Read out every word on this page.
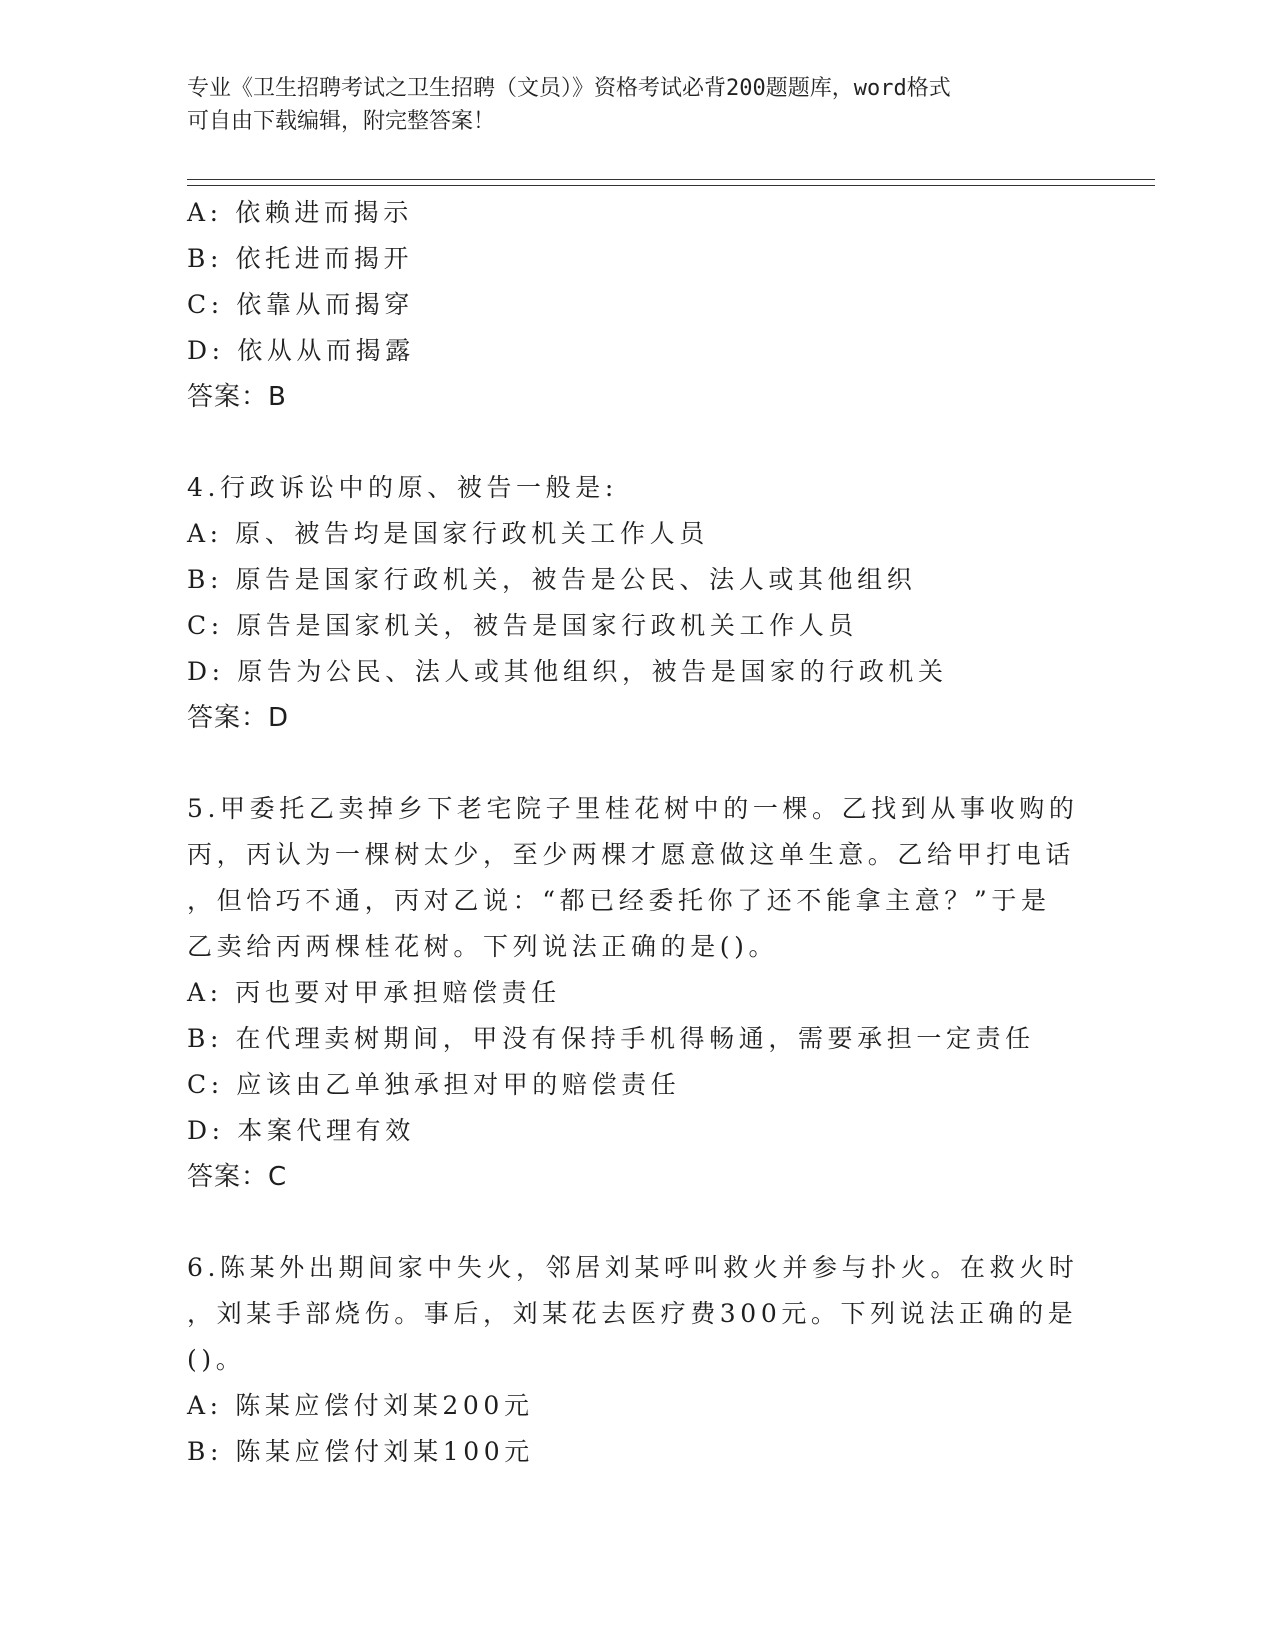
专业《卫生招聘考试之卫生招聘（文员）》资格考试必背200题题库，word格式
可自由下载编辑，附完整答案！
A: 依赖进而揭示
B: 依托进而揭开
C: 依靠从而揭穿
D: 依从从而揭露
答案：B
4.行政诉讼中的原、被告一般是:
A: 原、被告均是国家行政机关工作人员
B: 原告是国家行政机关，被告是公民、法人或其他组织
C: 原告是国家机关，被告是国家行政机关工作人员
D: 原告为公民、法人或其他组织，被告是国家的行政机关
答案：D
5.甲委托乙卖掉乡下老宅院子里桂花树中的一棵。乙找到从事收购的
丙，丙认为一棵树太少，至少两棵才愿意做这单生意。乙给甲打电话
，但恰巧不通，丙对乙说：“都已经委托你了还不能拿主意？”于是
乙卖给丙两棵桂花树。下列说法正确的是()。
A: 丙也要对甲承担赔偿责任
B: 在代理卖树期间，甲没有保持手机得畅通，需要承担一定责任
C: 应该由乙单独承担对甲的赔偿责任
D: 本案代理有效
答案：C
6.陈某外出期间家中失火，邻居刘某呼叫救火并参与扑火。在救火时
，刘某手部烧伤。事后，刘某花去医疗费300元。下列说法正确的是
()。
A: 陈某应偿付刘某200元
B: 陈某应偿付刘某100元
